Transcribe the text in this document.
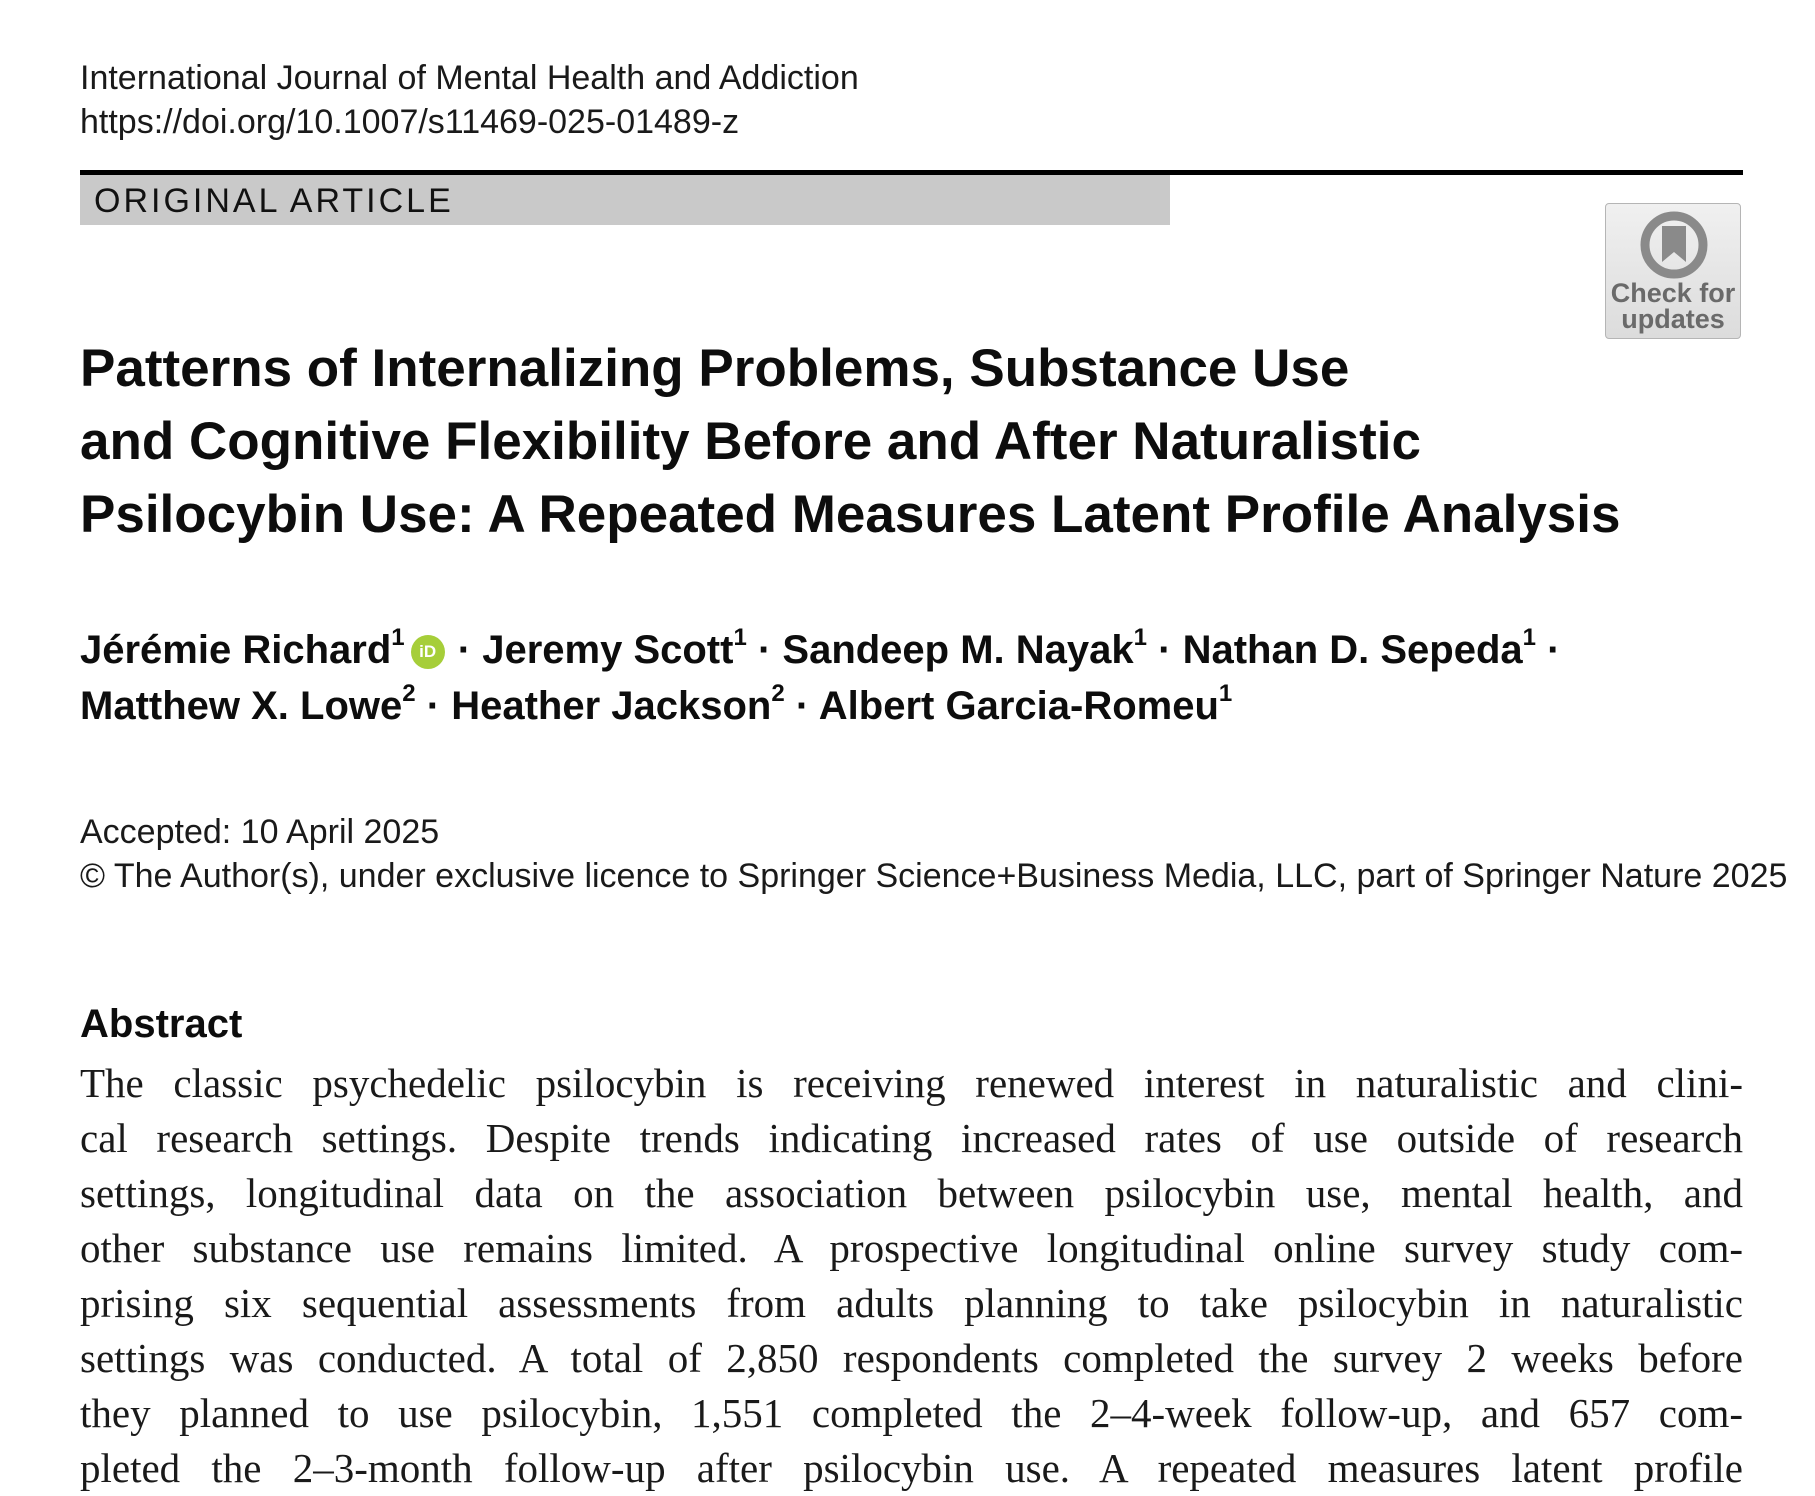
International Journal of Mental Health and Addiction
https://doi.org/10.1007/s11469-025-01489-z
ORIGINAL ARTICLE
Check for
updates
Patterns of Internalizing Problems, Substance Use
and Cognitive Flexibility Before and After Naturalistic
Psilocybin Use: A Repeated Measures Latent Profile Analysis
Jérémie Richard$^1$iD · Jeremy Scott$^1$ · Sandeep M. Nayak$^1$ · Nathan D. Sepeda$^1$ ·
Matthew X. Lowe$^2$ · Heather Jackson$^2$ · Albert Garcia-Romeu$^1$
Accepted: 10 April 2025
© The Author(s), under exclusive licence to Springer Science+Business Media, LLC, part of Springer Nature 2025
Abstract
The classic psychedelic psilocybin is receiving renewed interest in naturalistic and clini-
cal research settings. Despite trends indicating increased rates of use outside of research
settings, longitudinal data on the association between psilocybin use, mental health, and
other substance use remains limited. A prospective longitudinal online survey study com-
prising six sequential assessments from adults planning to take psilocybin in naturalistic
settings was conducted. A total of 2,850 respondents completed the survey 2 weeks before
they planned to use psilocybin, 1,551 completed the 2–4-week follow-up, and 657 com-
pleted the 2–3-month follow-up after psilocybin use. A repeated measures latent profile
